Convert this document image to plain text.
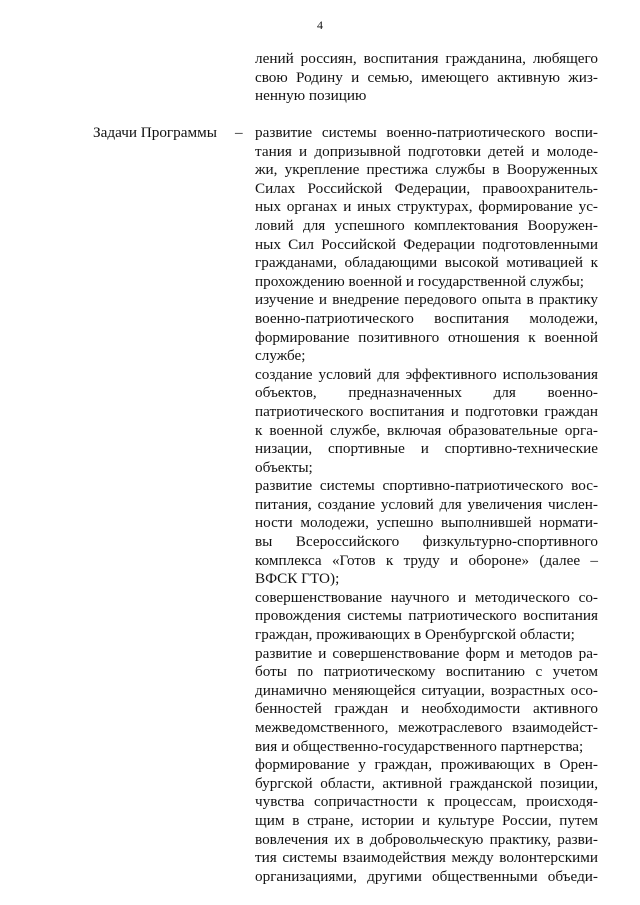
4
лений россиян, воспитания гражданина, любящего
свою Родину и семью, имеющего активную жиз-
ненную позицию
Задачи Программы – развитие системы военно-патриотического воспи-
тания и допризывной подготовки детей и молоде-
жи, укрепление престижа службы в Вооруженных
Силах Российской Федерации, правоохранитель-
ных органах и иных структурах, формирование ус-
ловий для успешного комплектования Вооружен-
ных Сил Российской Федерации подготовленными
гражданами, обладающими высокой мотивацией к
прохождению военной и государственной службы;
изучение и внедрение передового опыта в практику
военно-патриотического воспитания молодежи,
формирование позитивного отношения к военной
службе;
создание условий для эффективного использования
объектов, предназначенных для военно-
патриотического воспитания и подготовки граждан
к военной службе, включая образовательные орга-
низации, спортивные и спортивно-технические
объекты;
развитие системы спортивно-патриотического вос-
питания, создание условий для увеличения числен-
ности молодежи, успешно выполнившей нормати-
вы Всероссийского физкультурно-спортивного
комплекса «Готов к труду и обороне» (далее –
ВФСК ГТО);
совершенствование научного и методического со-
провождения системы патриотического воспитания
граждан, проживающих в Оренбургской области;
развитие и совершенствование форм и методов ра-
боты по патриотическому воспитанию с учетом
динамично меняющейся ситуации, возрастных осо-
бенностей граждан и необходимости активного
межведомственного, межотраслевого взаимодейст-
вия и общественно-государственного партнерства;
формирование у граждан, проживающих в Орен-
бургской области, активной гражданской позиции,
чувства сопричастности к процессам, происходя-
щим в стране, истории и культуре России, путем
вовлечения их в добровольческую практику, разви-
тия системы взаимодействия между волонтерскими
организациями, другими общественными объеди-
